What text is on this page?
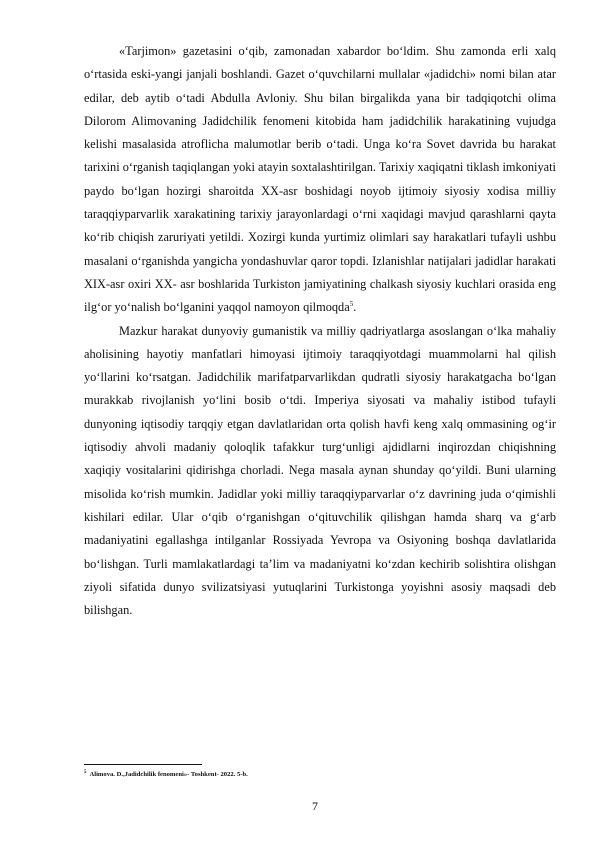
«Tarjimon» gazetasini oʻqib, zamonadan xabardor boʻldim. Shu zamonda erli xalq oʻrtasida eski-yangi janjali boshlandi. Gazet oʻquvchilarni mullalar «jadidchi» nomi bilan atar edilar, deb aytib oʻtadi Abdulla Avloniy. Shu bilan birgalikda yana bir tadqiqotchi olima Dilorom Alimovaning Jadidchilik fenomeni kitobida ham jadidchilik harakatining vujudga kelishi masalasida atroflicha malumotlar berib oʻtadi. Unga koʻra Sovet davrida bu harakat tarixini oʻrganish taqiqlangan yoki atayin soxtalashtirilgan. Tarixiy xaqiqatni tiklash imkoniyati paydo boʻlgan hozirgi sharoitda XX-asr boshidagi noyob ijtimoiy siyosiy xodisa milliy taraqqiyparvarlik xarakatining tarixiy jarayonlardagi oʻrni xaqidagi mavjud qarashlarni qayta koʻrib chiqish zaruriyati yetildi. Xozirgi kunda yurtimiz olimlari say harakatlari tufayli ushbu masalani oʻrganishda yangicha yondashuvlar qaror topdi. Izlanishlar natijalari jadidlar harakati XIX-asr oxiri XX- asr boshlarida Turkiston jamiyatining chalkash siyosiy kuchlari orasida eng ilgʻor yoʻnalish boʻlganini yaqqol namoyon qilmoqda$^5$.

Mazkur harakat dunyoviy gumanistik va milliy qadriyatlarga asoslangan oʻlka mahaliy aholisining hayotiy manfatlari himoyasi ijtimoiy taraqqiyotdagi muammolarni hal qilish yoʻllarini koʻrsatgan. Jadidchilik marifatparvarlikdan qudratli siyosiy harakatgacha boʻlgan murakkab rivojlanish yoʻlini bosib oʻtdi. Imperiya siyosati va mahaliy istibod tufayli dunyoning iqtisodiy tarqqiy etgan davlatlaridan orta qolish havfi keng xalq ommasining ogʻir iqtisodiy ahvoli madaniy qoloqlik tafakkur turgʻunligi ajdidlarni inqirozdan chiqishning xaqiqiy vositalarini qidirishga chorladi. Nega masala aynan shunday qoʻyildi. Buni ularning misolida koʻrish mumkin. Jadidlar yoki milliy taraqqiyparvarlar oʻz davrining juda oʻqimishli kishilari edilar. Ular oʻqib oʻrganishgan oʻqituvchilik qilishgan hamda sharq va gʻarb madaniyatini egallashga intilganlar Rossiyada Yevropa va Osiyoning boshqa davlatlarida boʻlishgan. Turli mamlakatlardagi ta’lim va madaniyatni koʻzdan kechirib solishtira olishgan ziyoli sifatida dunyo svilizatsiyasi yutuqlarini Turkistonga yoyishni asosiy maqsadi deb bilishgan.

$^5$ Alimova. D.,Jadidchilik fenomeni»- Toshkent- 2022. 5-b.
7
